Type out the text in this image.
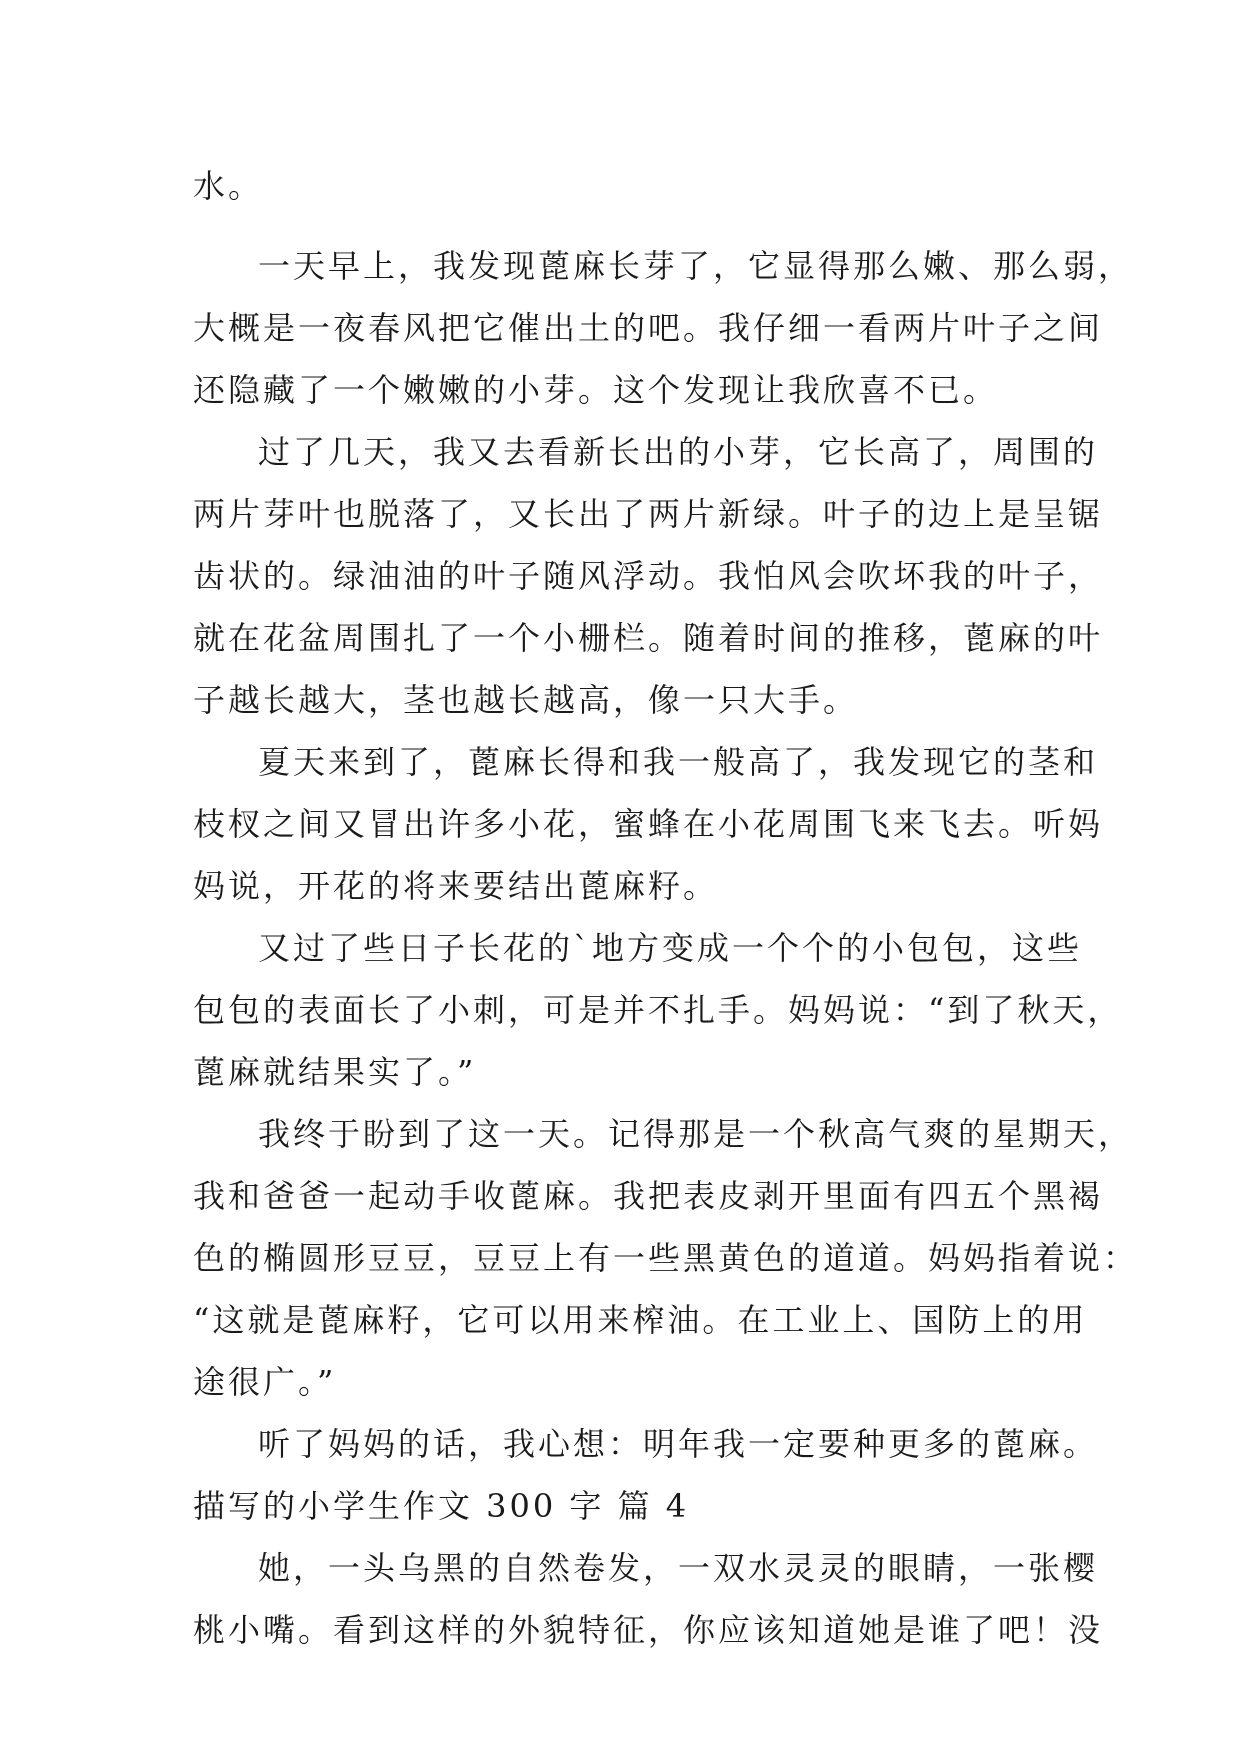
水。
一天早上，我发现蓖麻长芽了，它显得那么嫩、那么弱，
大概是一夜春风把它催出土的吧。我仔细一看两片叶子之间
还隐藏了一个嫩嫩的小芽。这个发现让我欣喜不已。
过了几天，我又去看新长出的小芽，它长高了，周围的
两片芽叶也脱落了，又长出了两片新绿。叶子的边上是呈锯
齿状的。绿油油的叶子随风浮动。我怕风会吹坏我的叶子，
就在花盆周围扎了一个小栅栏。随着时间的推移，蓖麻的叶
子越长越大，茎也越长越高，像一只大手。
夏天来到了，蓖麻长得和我一般高了，我发现它的茎和
枝杈之间又冒出许多小花，蜜蜂在小花周围飞来飞去。听妈
妈说，开花的将来要结出蓖麻籽。
又过了些日子长花的`地方变成一个个的小包包，这些
包包的表面长了小刺，可是并不扎手。妈妈说：“到了秋天，
蓖麻就结果实了。”
我终于盼到了这一天。记得那是一个秋高气爽的星期天，
我和爸爸一起动手收蓖麻。我把表皮剥开里面有四五个黑褐
色的椭圆形豆豆，豆豆上有一些黑黄色的道道。妈妈指着说：
“这就是蓖麻籽，它可以用来榨油。在工业上、国防上的用
途很广。”
听了妈妈的话，我心想：明年我一定要种更多的蓖麻。
描写的小学生作文 300 字 篇 4
她，一头乌黑的自然卷发，一双水灵灵的眼睛，一张樱
桃小嘴。看到这样的外貌特征，你应该知道她是谁了吧！没
